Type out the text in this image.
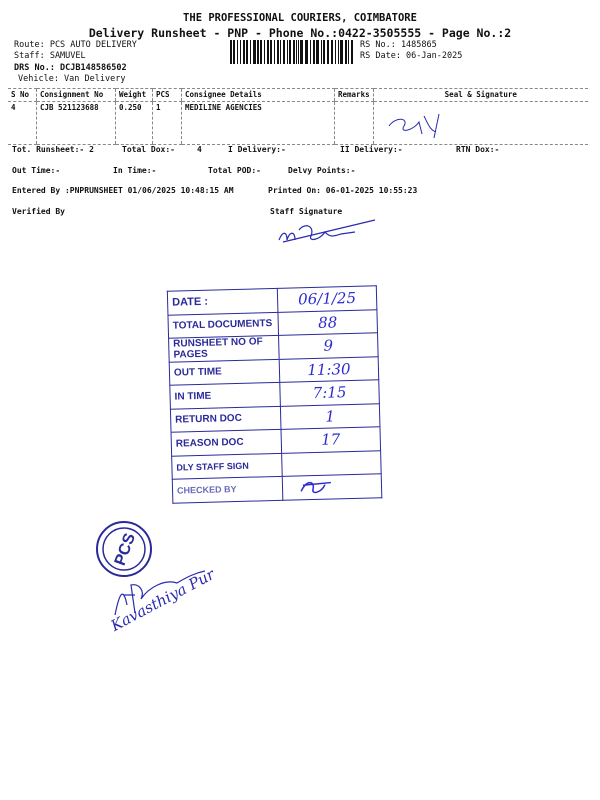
THE PROFESSIONAL COURIERS, COIMBATORE
Delivery Runsheet - PNP - Phone No.:0422-3505555 - Page No.:2
Route: PCS AUTO DELIVERY
Staff: SAMUVEL
DRS No.: DCJB148586502
Vehicle: Van Delivery
RS No.: 1485865
RS Date: 06-Jan-2025
S No	Consignment No	Weight	PCS	Consignee Details	Remarks	Seal & Signature
4	CJB 521123688	0.250	1	MEDILINE AGENCIES		
Tot. Runsheet:- 2	Total Dox:-	4	I Delivery:-	II Delivery:-	RTN Dox:-
Out Time:-	In Time:-	Total POD:-	Delvy Points:-
Entered By :PNPRUNSHEET 01/06/2025 10:48:15 AM	Printed On: 06-01-2025 10:55:23
Verified By	Staff Signature
DATE :	06/1/25
TOTAL DOCUMENTS	88
RUNSHEET NO OF PAGES	9
OUT TIME	11:30
IN TIME	7:15
RETURN DOC	1
REASON DOC	17
DLY STAFF SIGN	
CHECKED BY	
PCS
Kavasthiya Pur
